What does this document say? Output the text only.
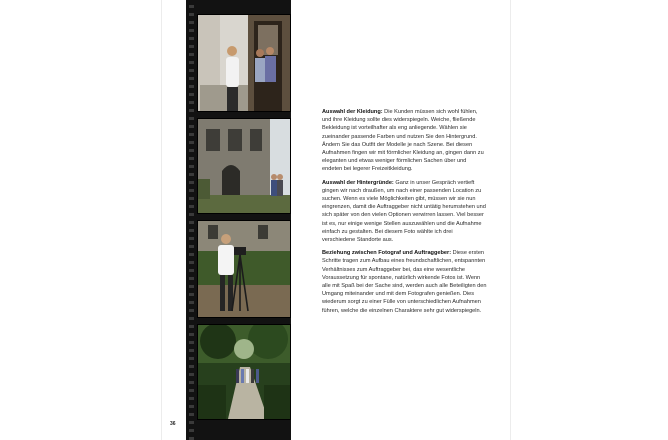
Auswahl der Kleidung: Die Kunden müssen sich wohl fühlen, und ihre Kleidung sollte dies widerspiegeln. Weiche, fließende Bekleidung ist vorteilhafter als eng anliegende. Wählen sie zueinander passende Farben und nutzen Sie den Hintergrund. Ändern Sie das Outfit der Modelle je nach Szene. Bei diesen Aufnahmen fingen wir mit förmlicher Kleidung an, gingen dann zu eleganten und etwas weniger förmlichen Sachen über und endeten bei legerer Freizeitkleidung.

Auswahl der Hintergründe: Ganz in unser Gespräch vertieft gingen wir nach draußen, um nach einer passenden Location zu suchen. Wenn es viele Möglichkeiten gibt, müssen wir sie nun eingrenzen, damit die Auftraggeber nicht untätig herumstehen und sich später von den vielen Optionen verwirren lassen. Viel besser ist es, nur einige wenige Stellen auszuwählen und die Aufnahme einfach zu gestalten. Bei diesem Foto wählte ich drei verschiedene Standorte aus.

Beziehung zwischen Fotograf und Auftraggeber: Diese ersten Schritte tragen zum Aufbau eines freundschaftlichen, entspannten Verhältnisses zum Auftraggeber bei, das eine wesentliche Voraussetzung für spontane, natürlich wirkende Fotos ist. Wenn alle mit Spaß bei der Sache sind, werden auch alle Beteiligten den Umgang miteinander und mit dem Fotografen genießen. Dies wiederum sorgt zu einer Fülle von unterschiedlichen Aufnahmen führen, welche die einzelnen Charaktere sehr gut widerspiegeln.

36
